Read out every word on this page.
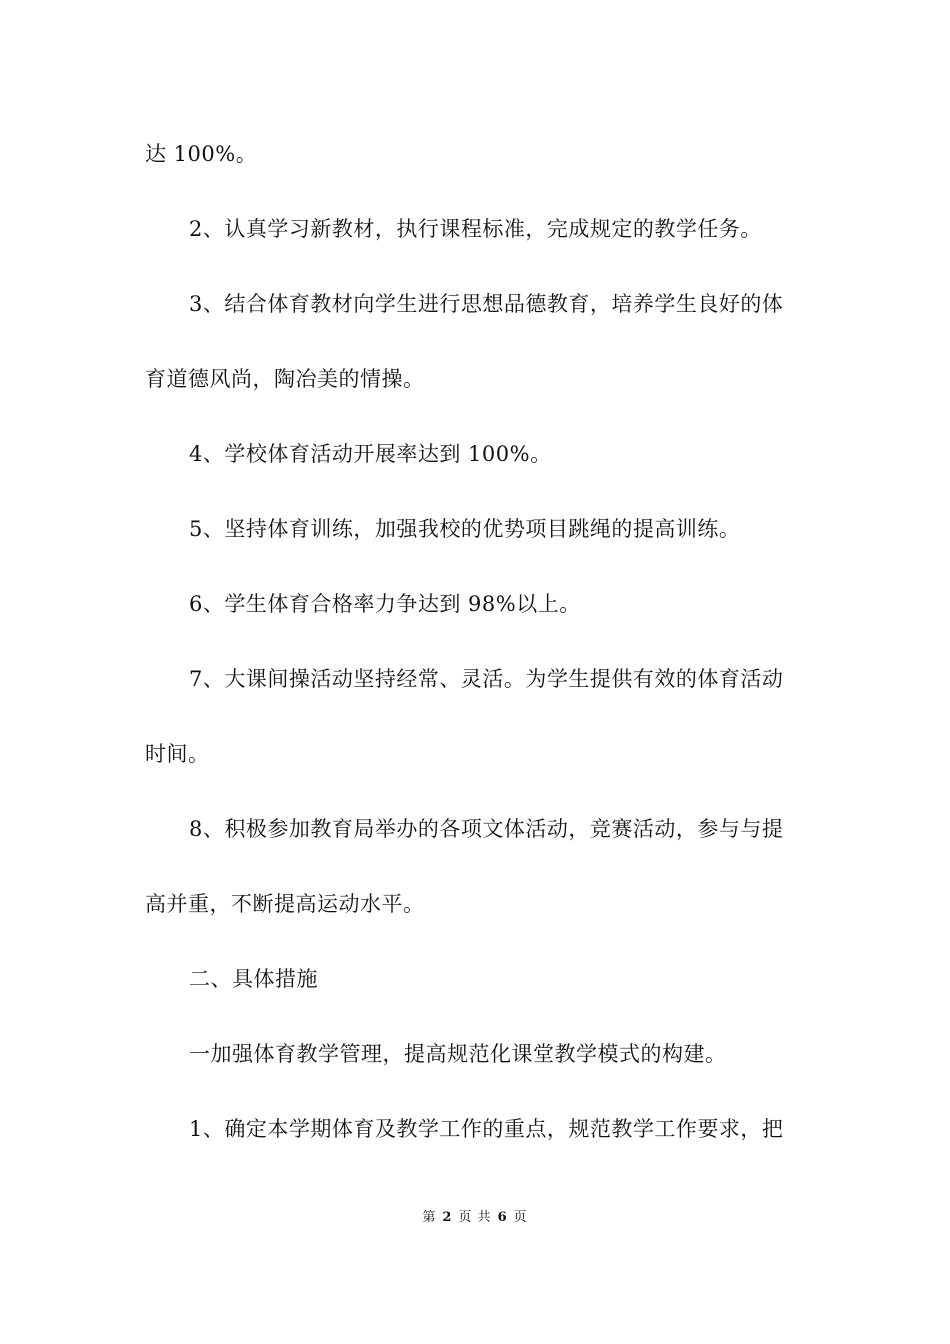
达 100%。
2、认真学习新教材，执行课程标准，完成规定的教学任务。
3、结合体育教材向学生进行思想品德教育，培养学生良好的体
育道德风尚，陶冶美的情操。
4、学校体育活动开展率达到 100%。
5、坚持体育训练，加强我校的优势项目跳绳的提高训练。
6、学生体育合格率力争达到 98%以上。
7、大课间操活动坚持经常、灵活。为学生提供有效的体育活动
时间。
8、积极参加教育局举办的各项文体活动，竞赛活动，参与与提
高并重，不断提高运动水平。
二、具体措施
一加强体育教学管理，提高规范化课堂教学模式的构建。
1、确定本学期体育及教学工作的重点，规范教学工作要求，把
第 2 页 共 6 页
